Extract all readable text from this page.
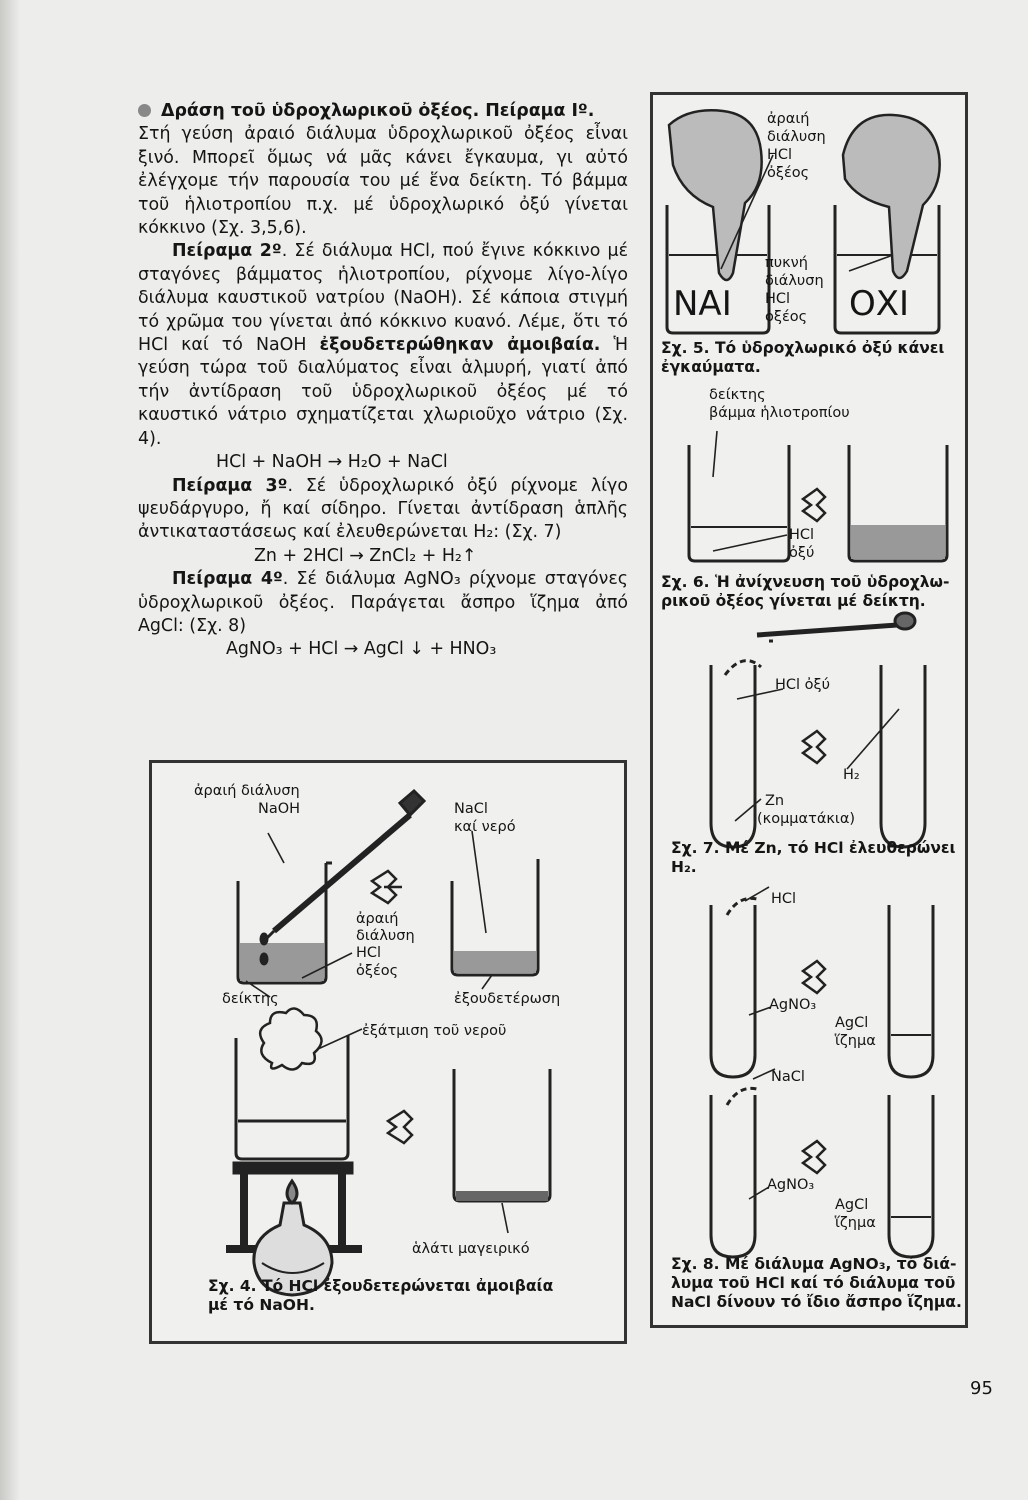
Δράση τοῦ ὑδροχλωρικοῦ ὀξέος. Πείραμα Ιº.

Στή γεύση ἀραιό διάλυμα ὑδροχλωρικοῦ ὀξέος εἶναι ξινό. Μπορεῖ ὅμως νά μᾶς κάνει ἔγκαυμα, γι αὐτό ἐλέγχομε τήν παρουσία του μέ ἕνα δείκτη. Τό βάμμα τοῦ ἡλιοτροπίου π.χ. μέ ὑδροχλωρικό ὀξύ γίνεται κόκκινο (Σχ. 3,5,6).

Πείραμα 2º. Σέ διάλυμα HCl, πού ἔγινε κόκκινο μέ σταγόνες βάμματος ἡλιοτροπίου, ρίχνομε λίγο-λίγο διάλυμα καυστικοῦ νατρίου (NaOH). Σέ κάποια στιγμή τό χρῶμα του γίνεται ἀπό κόκκινο κυανό. Λέμε, ὅτι τό HCl καί τό NaOH ἐξουδετερώθηκαν ἀμοιβαία. Ἡ γεύση τώρα τοῦ διαλύματος εἶναι ἁλμυρή, γιατί ἀπό τήν ἀντίδραση τοῦ ὑδροχλωρικοῦ ὀξέος μέ τό καυστικό νάτριο σχηματίζεται χλωριοῦχο νάτριο (Σχ. 4).

HCl + NaOH → H₂O + NaCl

Πείραμα 3º. Σέ ὑδροχλωρικό ὀξύ ρίχνομε λίγο ψευδάργυρο, ἤ καί σίδηρο. Γίνεται ἀντίδραση ἁπλῆς ἀντικαταστάσεως καί ἐλευθερώνεται H₂: (Σχ. 7)

Zn + 2HCl → ZnCl₂ + H₂↑

Πείραμα 4º. Σέ διάλυμα AgNO₃ ρίχνομε σταγόνες ὑδροχλωρικοῦ ὀξέος. Παράγεται ἄσπρο ἵζημα ἀπό AgCl: (Σχ. 8)

AgNO₃ + HCl → AgCl ↓ + HNO₃

ἀραιή διάλυση
NaOH	NaCl
καί νερό
ἀραιή
διάλυση
HCl
ὀξέος
δείκτης	ἐξουδετέρωση
ἐξάτμιση τοῦ νεροῦ
ἁλάτι μαγειρικό
Σχ. 4. Τό HCl ἐξουδετερώνεται ἀμοιβαία
μέ τό NaOH.
ἀραιή
διάλυση
HCl
ὀξέος
πυκνή
διάλυση
HCl
ὀξέος
ΝΑΙ	ΟΧΙ
Σχ. 5. Τό ὑδροχλωρικό ὀξύ κάνει
ἐγκαύματα.
δείκτης
βάμμα ἡλιοτροπίου
HCl
ὀξύ
Σχ. 6. Ἡ ἀνίχνευση τοῦ ὑδροχλω-
ρικοῦ ὀξέος γίνεται μέ δείκτη.
HCl ὀξύ
H₂
Zn
(κομματάκια)
Σχ. 7. Μέ Zn, τό HCl ἐλευθερώνει
H₂.
HCl
AgNO₃
AgCl
ἵζημα
NaCl
AgNO₃
AgCl
ἵζημα
Σχ. 8. Μέ διάλυμα AgNO₃, τό διά-
λυμα τοῦ HCl καί τό διάλυμα τοῦ
NaCl δίνουν τό ἴδιο ἄσπρο ἵζημα.
95
